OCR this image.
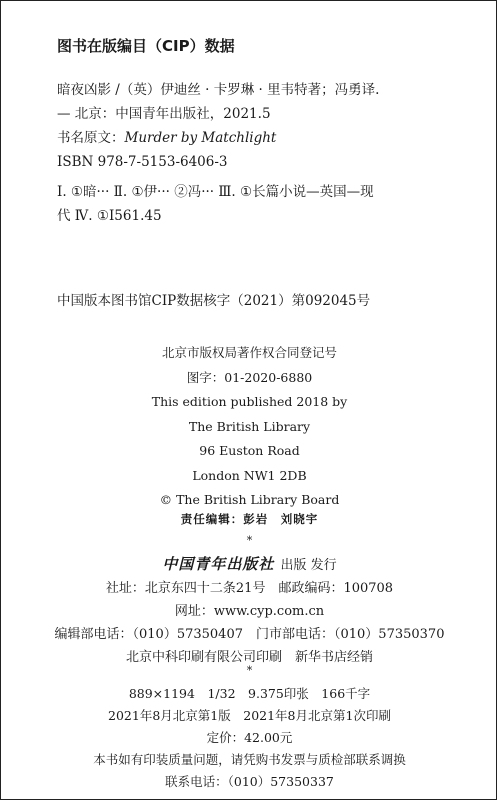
图书在版编目（CIP）数据
暗夜凶影 /（英）伊迪丝 · 卡罗琳 · 里韦特著；冯勇译.
— 北京：中国青年出版社，2021.5
书名原文：Murder by Matchlight
ISBN 978-7-5153-6406-3
Ⅰ. ①暗··· Ⅱ. ①伊··· ②冯··· Ⅲ. ①长篇小说—英国—现
代 Ⅳ. ①I561.45
中国版本图书馆CIP数据核字（2021）第092045号
北京市版权局著作权合同登记号
图字：01-2020-6880
This edition published 2018 by
The British Library
96 Euston Road
London NW1 2DB
© The British Library Board
责任编辑：彭岩　刘晓宇
*
中国青年出版社 出版 发行
社址：北京东四十二条21号　邮政编码：100708
网址：www.cyp.com.cn
编辑部电话：（010）57350407　门市部电话：（010）57350370
北京中科印刷有限公司印刷　新华书店经销
*
889×1194　1/32　9.375印张　166千字
2021年8月北京第1版　2021年8月北京第1次印刷
定价：42.00元
本书如有印装质量问题，请凭购书发票与质检部联系调换
联系电话：（010）57350337
